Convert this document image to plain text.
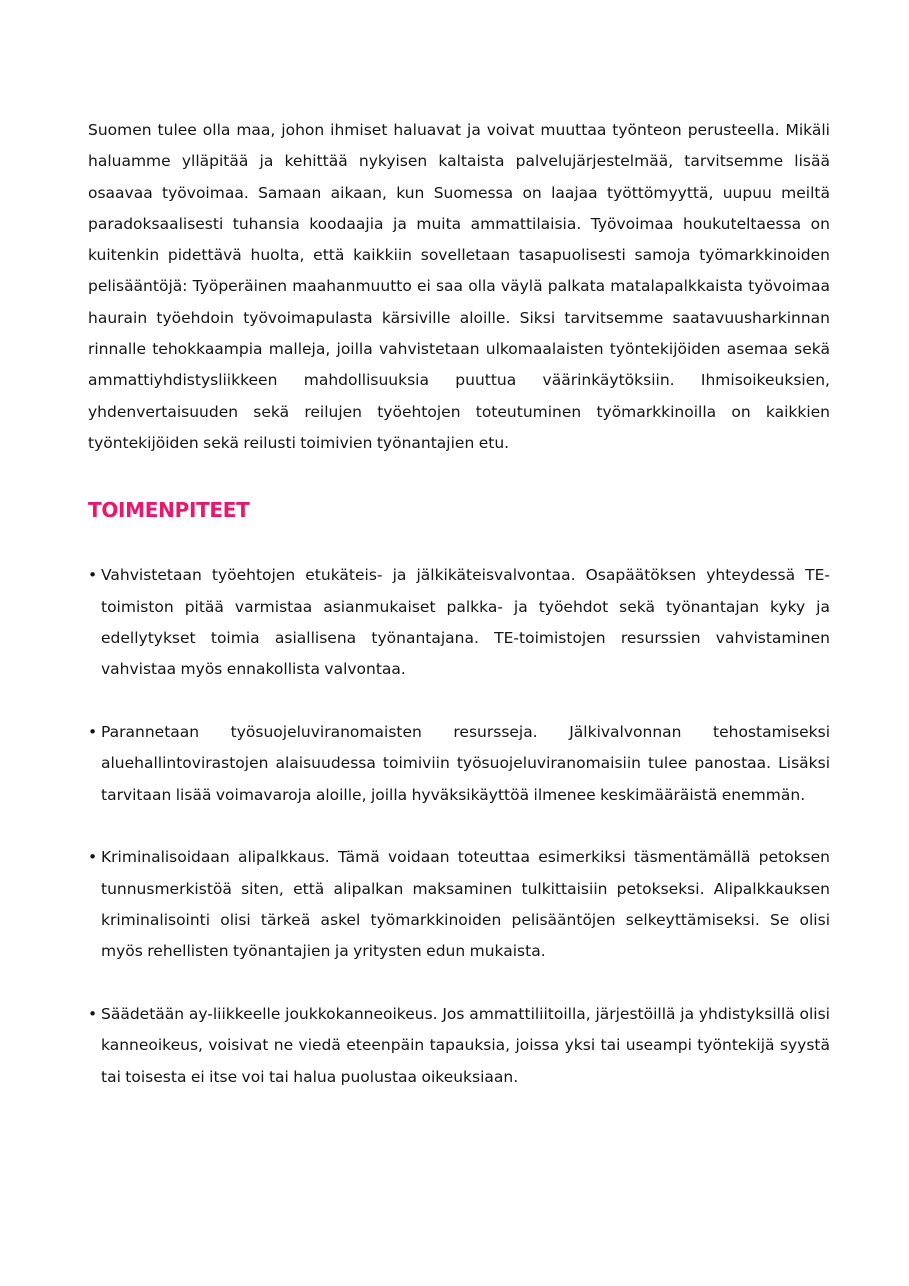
Suomen tulee olla maa, johon ihmiset haluavat ja voivat muuttaa työnteon perusteella. Mikäli haluamme ylläpitää ja kehittää nykyisen kaltaista palvelujärjestelmää, tarvitsemme lisää osaavaa työvoimaa. Samaan aikaan, kun Suomessa on laajaa työttömyyttä, uupuu meiltä paradoksaalisesti tuhansia koodaajia ja muita ammattilaisia. Työvoimaa houkuteltaessa on kuitenkin pidettävä huolta, että kaikkiin sovelletaan tasapuolisesti samoja työmarkkinoiden pelisääntöjä: Työperäinen maahanmuutto ei saa olla väylä palkata matalapalkkaista työvoimaa haurain työehdoin työvoimapulasta kärsiville aloille. Siksi tarvitsemme saatavuusharkinnan rinnalle tehokkaampia malleja, joilla vahvistetaan ulkomaalaisten työntekijöiden asemaa sekä ammattiyhdistysliikkeen mahdollisuuksia puuttua väärinkäytöksiin. Ihmisoikeuksien, yhdenvertaisuuden sekä reilujen työehtojen toteutuminen työmarkkinoilla on kaikkien työntekijöiden sekä reilusti toimivien työnantajien etu.

TOIMENPITEET
• Vahvistetaan työehtojen etukäteis- ja jälkikäteisvalvontaa. Osapäätöksen yhteydessä TE-toimiston pitää varmistaa asianmukaiset palkka- ja työehdot sekä työnantajan kyky ja edellytykset toimia asiallisena työnantajana. TE-toimistojen resurssien vahvistaminen vahvistaa myös ennakollista valvontaa.
• Parannetaan työsuojeluviranomaisten resursseja. Jälkivalvonnan tehostamiseksi aluehallintovirastojen alaisuudessa toimiviin työsuojeluviranomaisiin tulee panostaa. Lisäksi tarvitaan lisää voimavaroja aloille, joilla hyväksikäyttöä ilmenee keskimääräistä enemmän.
• Kriminalisoidaan alipalkkaus. Tämä voidaan toteuttaa esimerkiksi täsmentämällä petoksen tunnusmerkistöä siten, että alipalkan maksaminen tulkittaisiin petokseksi. Alipalkkauksen kriminalisointi olisi tärkeä askel työmarkkinoiden pelisääntöjen selkeyttämiseksi. Se olisi myös rehellisten työnantajien ja yritysten edun mukaista.
• Säädetään ay-liikkeelle joukkokanneoikeus. Jos ammattiliitoilla, järjestöillä ja yhdistyksillä olisi kanneoikeus, voisivat ne viedä eteenpäin tapauksia, joissa yksi tai useampi työntekijä syystä tai toisesta ei itse voi tai halua puolustaa oikeuksiaan.
